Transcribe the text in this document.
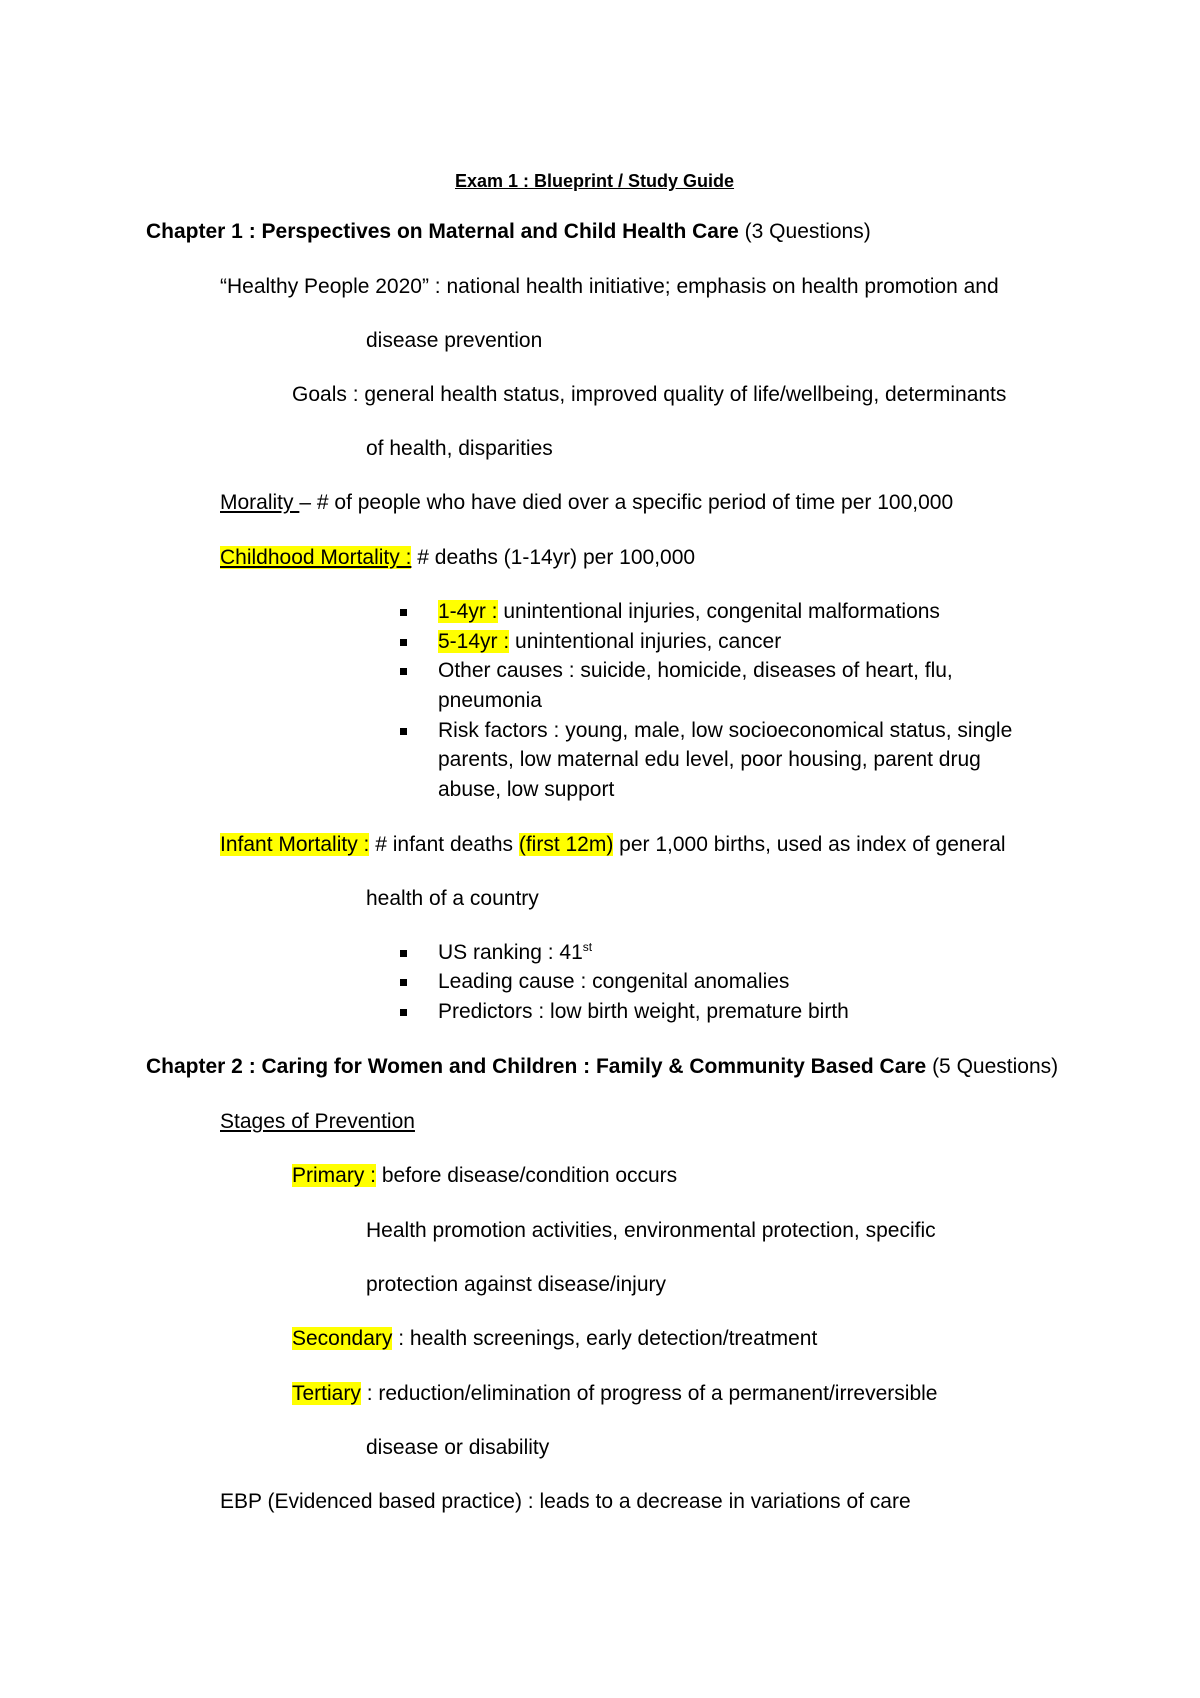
Exam 1 : Blueprint / Study Guide
Chapter 1 : Perspectives on Maternal and Child Health Care (3 Questions)
“Healthy People 2020” : national health initiative; emphasis on health promotion and
disease prevention
Goals : general health status, improved quality of life/wellbeing, determinants
of health, disparities
Morality – # of people who have died over a specific period of time per 100,000
Childhood Mortality : # deaths (1-14yr) per 100,000
1-4yr : unintentional injuries, congenital malformations
5-14yr : unintentional injuries, cancer
Other causes : suicide, homicide, diseases of heart, flu,
pneumonia
Risk factors : young, male, low socioeconomical status, single
parents, low maternal edu level, poor housing, parent drug
abuse, low support
Infant Mortality : # infant deaths (first 12m) per 1,000 births, used as index of general
health of a country
US ranking : 41st
Leading cause : congenital anomalies
Predictors : low birth weight, premature birth
Chapter 2 : Caring for Women and Children : Family & Community Based Care (5 Questions)
Stages of Prevention
Primary : before disease/condition occurs
Health promotion activities, environmental protection, specific
protection against disease/injury
Secondary : health screenings, early detection/treatment
Tertiary : reduction/elimination of progress of a permanent/irreversible
disease or disability
EBP (Evidenced based practice) : leads to a decrease in variations of care
